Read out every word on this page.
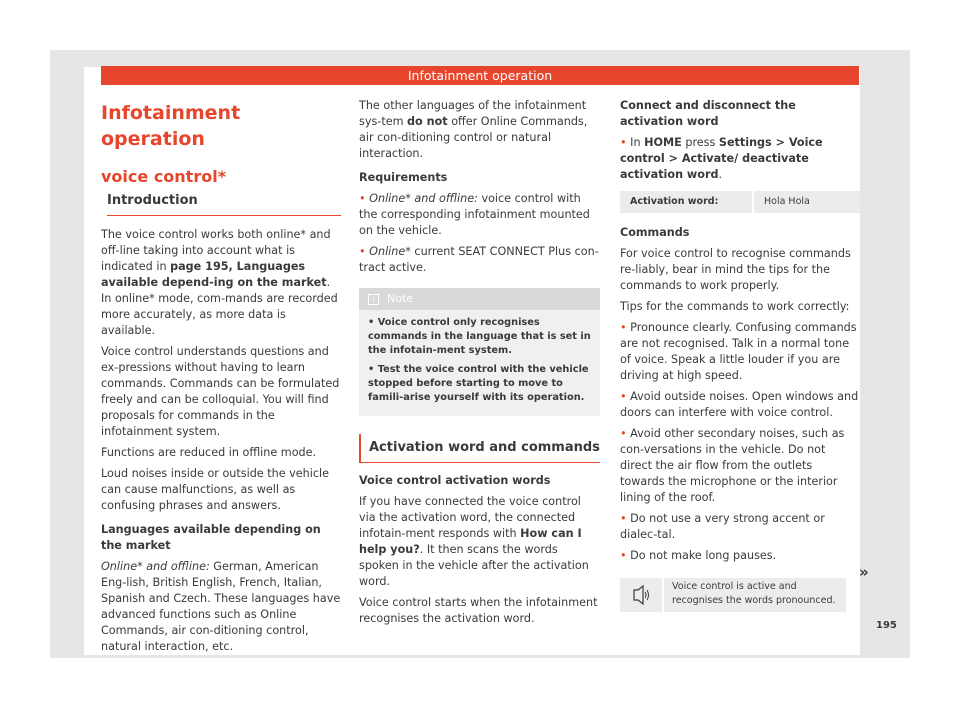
Infotainment operation
Infotainment operation
voice control*
Introduction

The voice control works both online* and off-line taking into account what is indicated in page 195, Languages available depend-ing on the market. In online* mode, com-mands are recorded more accurately, as more data is available.

Voice control understands questions and ex-pressions without having to learn commands. Commands can be formulated freely and can be colloquial. You will find proposals for commands in the infotainment system.

Functions are reduced in offline mode.

Loud noises inside or outside the vehicle can cause malfunctions, as well as confusing phrases and answers.

Languages available depending on the market

Online* and offline: German, American Eng-lish, British English, French, Italian, Spanish and Czech. These languages have advanced functions such as Online Commands, air con-ditioning control, natural interaction, etc.

The other languages of the infotainment sys-tem do not offer Online Commands, air con-ditioning control or natural interaction.

Requirements

• Online* and offline: voice control with the corresponding infotainment mounted on the vehicle.

• Online* current SEAT CONNECT Plus con-tract active.

i Note

• Voice control only recognises commands in the language that is set in the infotain-ment system.

• Test the voice control with the vehicle stopped before starting to move to famili-arise yourself with its operation.

Activation word and commands

Voice control activation words

If you have connected the voice control via the activation word, the connected infotain-ment responds with How can I help you?. It then scans the words spoken in the vehicle after the activation word.

Voice control starts when the infotainment recognises the activation word.

Connect and disconnect the activation word

• In HOME press Settings > Voice control > Activate/ deactivate activation word.

Activation word:	Hola Hola

Commands

For voice control to recognise commands re-liably, bear in mind the tips for the commands to work properly.

Tips for the commands to work correctly:

• Pronounce clearly. Confusing commands are not recognised. Talk in a normal tone of voice. Speak a little louder if you are driving at high speed.

• Avoid outside noises. Open windows and doors can interfere with voice control.

• Avoid other secondary noises, such as con-versations in the vehicle. Do not direct the air flow from the outlets towards the microphone or the interior lining of the roof.

• Do not use a very strong accent or dialec-tal.

• Do not make long pauses.

Voice control is active and recognises the words pronounced.
»
195
